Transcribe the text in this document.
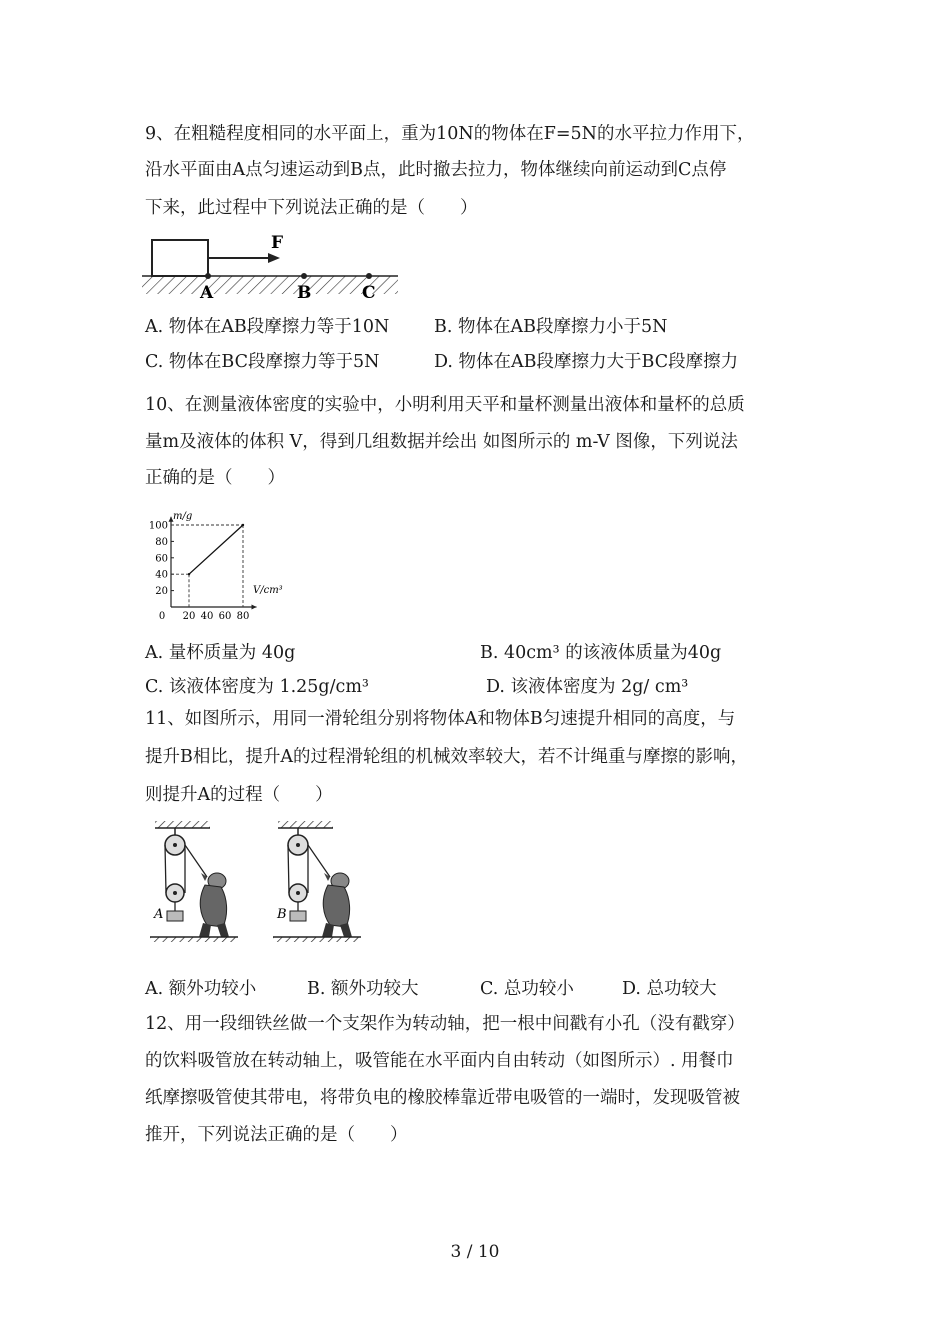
9、在粗糙程度相同的水平面上，重为10N的物体在F=5N的水平拉力作用下，
沿水平面由A点匀速运动到B点，此时撤去拉力，物体继续向前运动到C点停
下来，此过程中下列说法正确的是（　　）
F
A	B	C
A. 物体在AB段摩擦力等于10N	B. 物体在AB段摩擦力小于5N
C. 物体在BC段摩擦力等于5N	D. 物体在AB段摩擦力大于BC段摩擦力
10、在测量液体密度的实验中，小明利用天平和量杯测量出液体和量杯的总质
量m及液体的体积 V，得到几组数据并绘出 如图所示的 m-V 图像，下列说法
正确的是（　　）
0 20 40 60 80
20
40
60
80
100
m/g
V/cm³
A. 量杯质量为 40g	B. 40cm³ 的该液体质量为40g
C. 该液体密度为 1.25g/cm³	D. 该液体密度为 2g/ cm³
11、如图所示，用同一滑轮组分别将物体A和物体B匀速提升相同的高度，与
提升B相比，提升A的过程滑轮组的机械效率较大，若不计绳重与摩擦的影响，
则提升A的过程（　　）
A	B
A. 额外功较小	B. 额外功较大	C. 总功较小	D. 总功较大
12、用一段细铁丝做一个支架作为转动轴，把一根中间戳有小孔（没有戳穿）
的饮料吸管放在转动轴上，吸管能在水平面内自由转动（如图所示）. 用餐巾
纸摩擦吸管使其带电，将带负电的橡胶棒靠近带电吸管的一端时，发现吸管被
推开，下列说法正确的是（　　）
3 / 10
